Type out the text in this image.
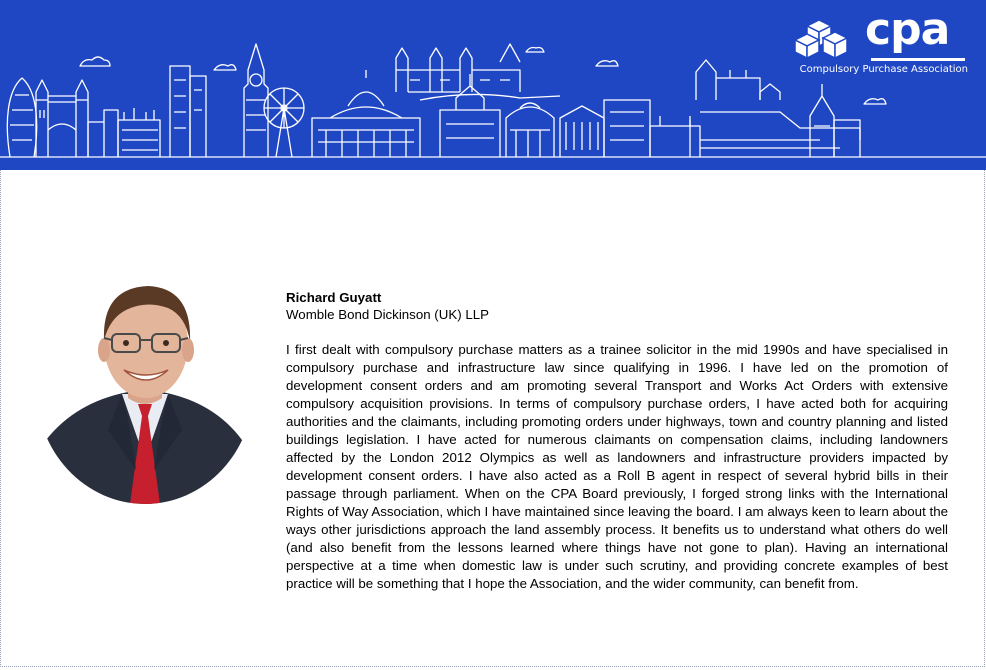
cpa
Compulsory Purchase Association
Richard Guyatt
Womble Bond Dickinson (UK) LLP

I first dealt with compulsory purchase matters as a trainee solicitor in the mid 1990s and have specialised in compulsory purchase and infrastructure law since qualifying in 1996. I have led on the promotion of development consent orders and am promoting several Transport and Works Act Orders with extensive compulsory acquisition provisions. In terms of compulsory purchase orders, I have acted both for acquiring authorities and the claimants, including promoting orders under highways, town and country planning and listed buildings legislation. I have acted for numerous claimants on compensation claims, including landowners affected by the London 2012 Olympics as well as landowners and infrastructure providers impacted by development consent orders. I have also acted as a Roll B agent in respect of several hybrid bills in their passage through parliament. When on the CPA Board previously, I forged strong links with the International Rights of Way Association, which I have maintained since leaving the board. I am always keen to learn about the ways other jurisdictions approach the land assembly process. It benefits us to understand what others do well (and also benefit from the lessons learned where things have not gone to plan). Having an international perspective at a time when domestic law is under such scrutiny, and providing concrete examples of best practice will be something that I hope the Association, and the wider community, can benefit from.
